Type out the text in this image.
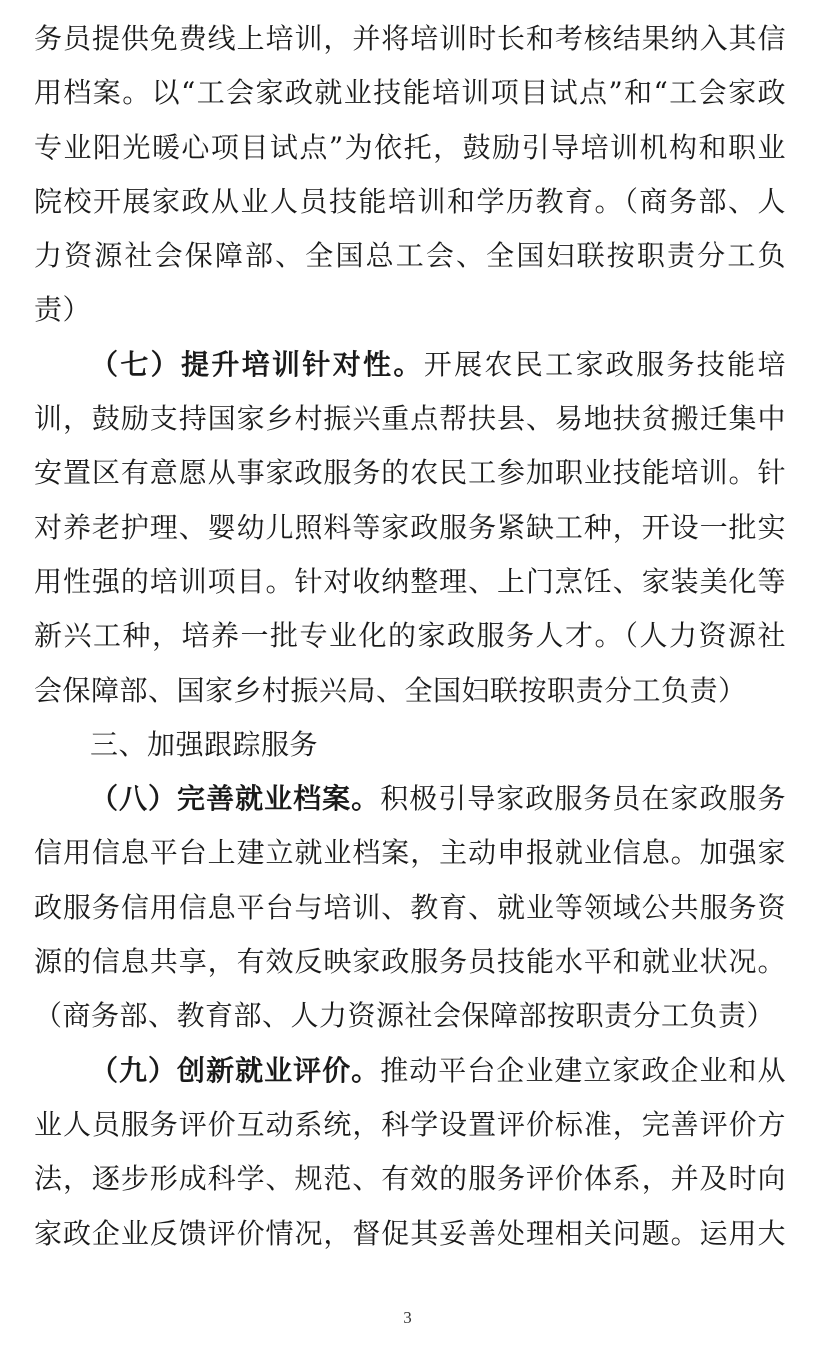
务员提供免费线上培训，并将培训时长和考核结果纳入其信用档案。以“工会家政就业技能培训项目试点”和“工会家政专业阳光暖心项目试点”为依托，鼓励引导培训机构和职业院校开展家政从业人员技能培训和学历教育。（商务部、人力资源社会保障部、全国总工会、全国妇联按职责分工负责）

（七）提升培训针对性。开展农民工家政服务技能培训，鼓励支持国家乡村振兴重点帮扶县、易地扶贫搬迁集中安置区有意愿从事家政服务的农民工参加职业技能培训。针对养老护理、婴幼儿照料等家政服务紧缺工种，开设一批实用性强的培训项目。针对收纳整理、上门烹饪、家装美化等新兴工种，培养一批专业化的家政服务人才。（人力资源社会保障部、国家乡村振兴局、全国妇联按职责分工负责）

三、加强跟踪服务

（八）完善就业档案。积极引导家政服务员在家政服务信用信息平台上建立就业档案，主动申报就业信息。加强家政服务信用信息平台与培训、教育、就业等领域公共服务资源的信息共享，有效反映家政服务员技能水平和就业状况。（商务部、教育部、人力资源社会保障部按职责分工负责）

（九）创新就业评价。推动平台企业建立家政企业和从业人员服务评价互动系统，科学设置评价标准，完善评价方法，逐步形成科学、规范、有效的服务评价体系，并及时向家政企业反馈评价情况，督促其妥善处理相关问题。运用大

3
